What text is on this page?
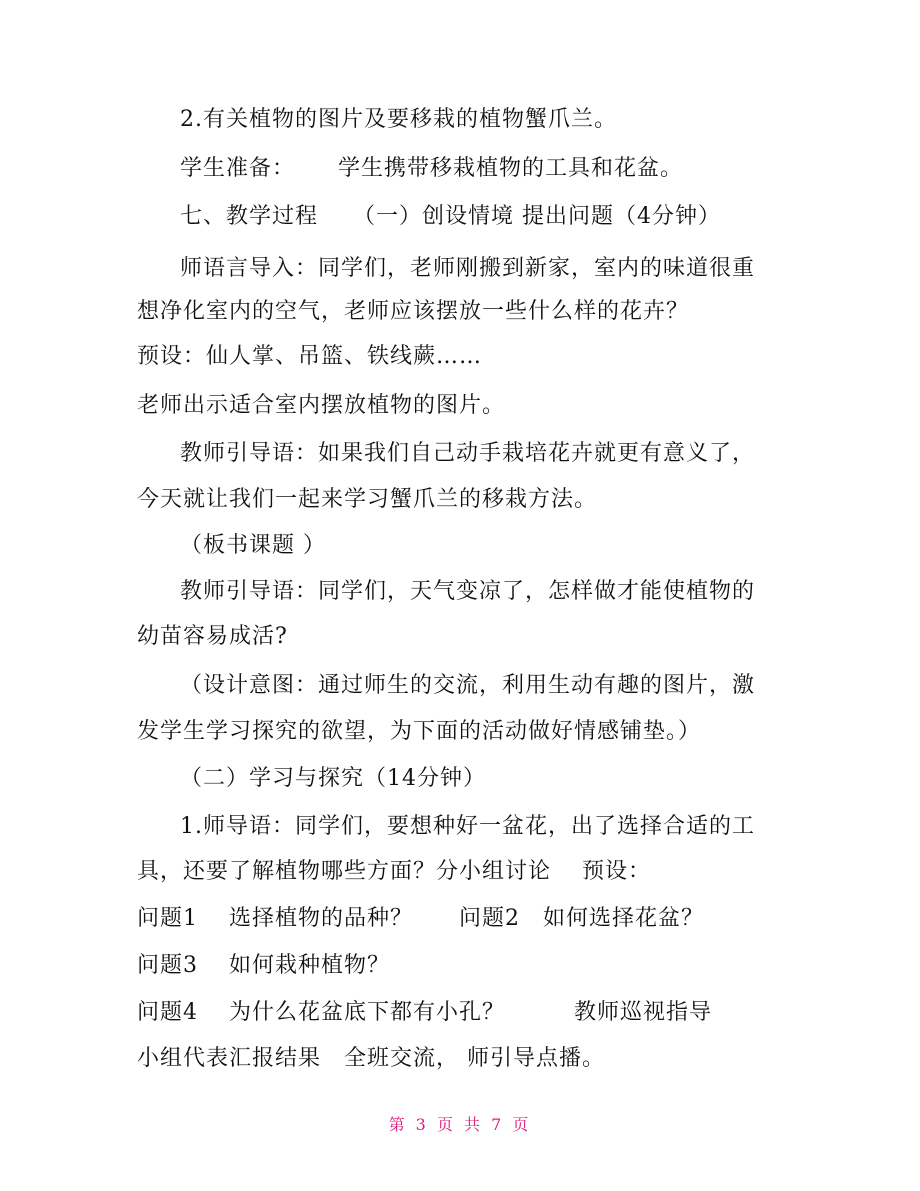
2.有关植物的图片及要移栽的植物蟹爪兰。
学生准备：　　 学生携带移栽植物的工具和花盆。
七、教学过程　　（一）创设情境 提出问题（4分钟）
师语言导入：同学们，老师刚搬到新家，室内的味道很重
想净化室内的空气，老师应该摆放一些什么样的花卉？
预设：仙人掌、吊篮、铁线蕨……
老师出示适合室内摆放植物的图片。
教师引导语：如果我们自己动手栽培花卉就更有意义了，
今天就让我们一起来学习蟹爪兰的移栽方法。
（板书课题 ）
教师引导语：同学们，天气变凉了，怎样做才能使植物的
幼苗容易成活?
（设计意图：通过师生的交流，利用生动有趣的图片，激
发学生学习探究的欲望，为下面的活动做好情感铺垫。）
（二）学习与探究（14分钟）
1.师导语：同学们，要想种好一盆花，出了选择合适的工
具，还要了解植物哪些方面？分小组讨论　 预设：
问题1　 选择植物的品种？　　问题2　如何选择花盆？
问题3　 如何栽种植物？
问题4　 为什么花盆底下都有小孔？　　　教师巡视指导
小组代表汇报结果　全班交流， 师引导点播。
第 3 页 共 7 页
